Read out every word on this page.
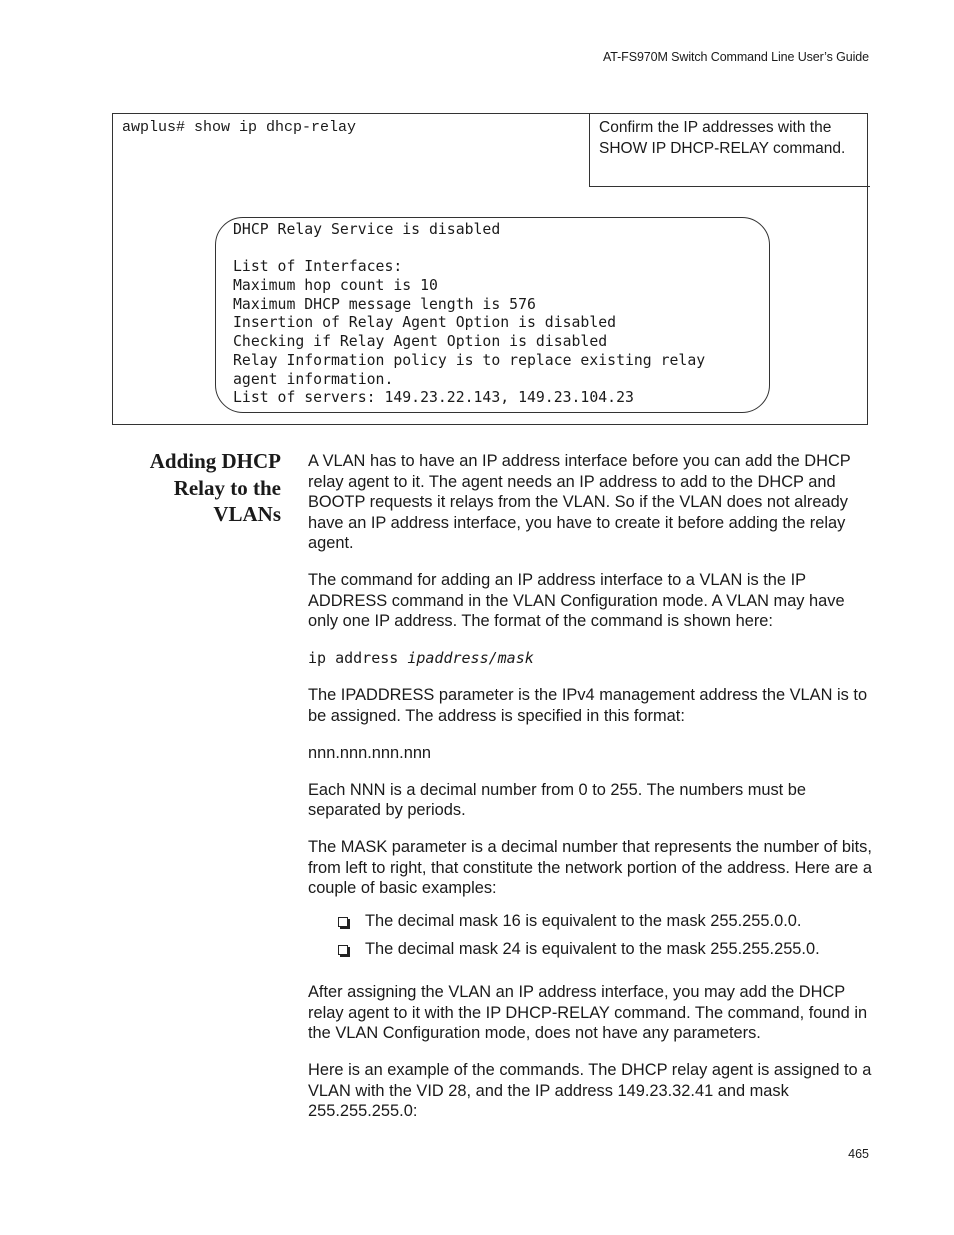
AT-FS970M Switch Command Line User’s Guide
awplus# show ip dhcp-relay	Confirm the IP addresses with the SHOW IP DHCP-RELAY command.
DHCP Relay Service is disabled
List of Interfaces:
Maximum hop count is 10
Maximum DHCP message length is 576
Insertion of Relay Agent Option is disabled
Checking if Relay Agent Option is disabled
Relay Information policy is to replace existing relay
agent information.
List of servers: 149.23.22.143, 149.23.104.23
Adding DHCP
Relay to the
VLANs

A VLAN has to have an IP address interface before you can add the DHCP relay agent to it. The agent needs an IP address to add to the DHCP and BOOTP requests it relays from the VLAN. So if the VLAN does not already have an IP address interface, you have to create it before adding the relay agent.

The command for adding an IP address interface to a VLAN is the IP ADDRESS command in the VLAN Configuration mode. A VLAN may have only one IP address. The format of the command is shown here:

ip address ipaddress/mask

The IPADDRESS parameter is the IPv4 management address the VLAN is to be assigned. The address is specified in this format:

nnn.nnn.nnn.nnn

Each NNN is a decimal number from 0 to 255. The numbers must be separated by periods.

The MASK parameter is a decimal number that represents the number of bits, from left to right, that constitute the network portion of the address. Here are a couple of basic examples:

The decimal mask 16 is equivalent to the mask 255.255.0.0.
The decimal mask 24 is equivalent to the mask 255.255.255.0.

After assigning the VLAN an IP address interface, you may add the DHCP relay agent to it with the IP DHCP-RELAY command. The command, found in the VLAN Configuration mode, does not have any parameters.

Here is an example of the commands. The DHCP relay agent is assigned to a VLAN with the VID 28, and the IP address 149.23.32.41 and mask 255.255.255.0:

465
